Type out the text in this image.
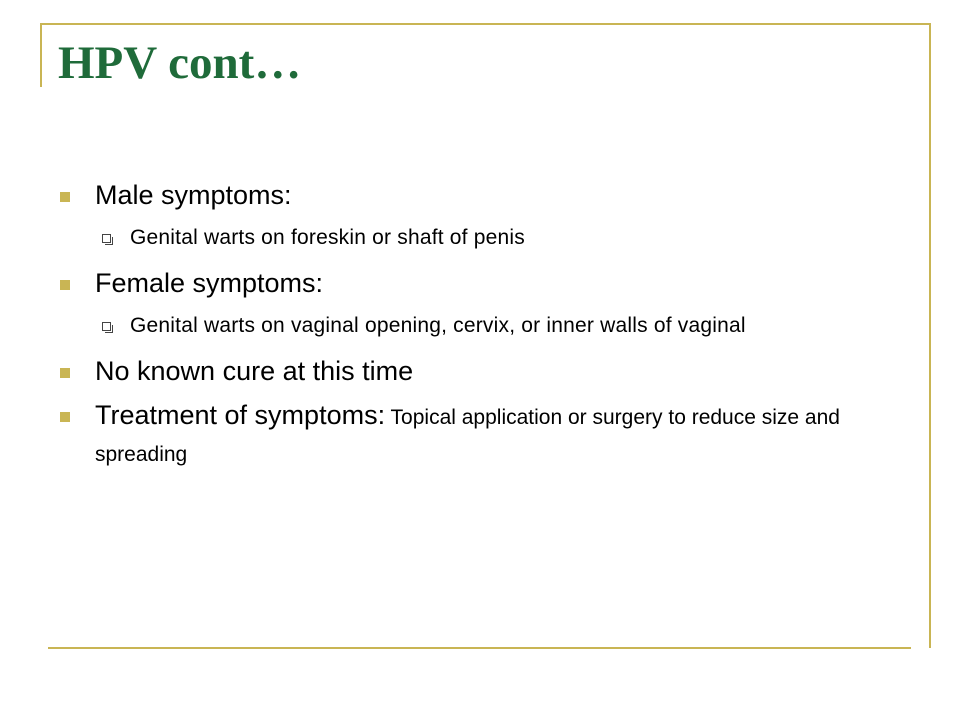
HPV cont…
Male symptoms:
Genital warts on foreskin or shaft of penis
Female symptoms:
Genital warts on vaginal opening, cervix, or inner walls of vaginal
No known cure at this time
Treatment of symptoms: Topical application or surgery to reduce size and spreading
